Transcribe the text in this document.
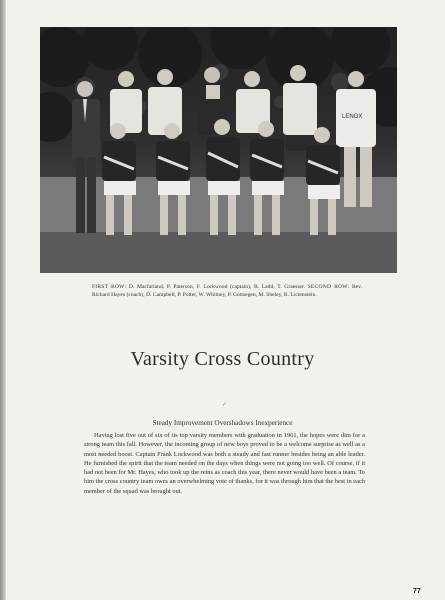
LENOX
FIRST ROW: D. Macfarland, P. Paterson, F. Lockwood (captain), R. Ladd, T. Graesser. SECOND ROW: Rev. Richard Hayes (coach), D. Campbell, P. Potter, W. Whitney, P. Gottsegen, M. Sheley, R. Lictenstein.
Varsity Cross Country
✓
Steady Improvement Overshadows Inexperience
Having lost five out of six of its top varsity members with graduation in 1961, the hopes were dim for a strong team this fall. However, the incoming group of new boys proved to be a welcome surprise as well as a most needed boost. Captain Frank Lockwood was both a steady and fast runner besides being an able leader. He furnished the spirit that the team needed on the days when things were not going too well. Of course, if it had not been for Mr. Hayes, who took up the reins as coach this year, there never would have been a team. To him the cross country team owes an overwhelming vote of thanks, for it was through him that the best in each member of the squad was brought out.
77
